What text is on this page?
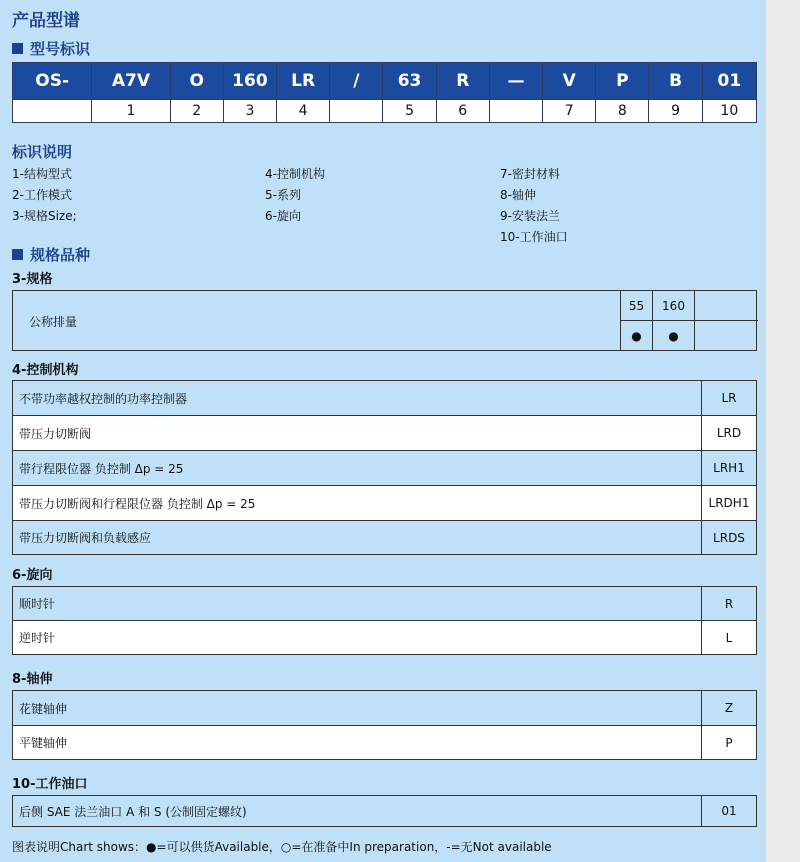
产品型谱
型号标识
OS-	A7V	O	160	LR	/	63	R	—	V	P	B	01
	1	2	3	4		5	6		7	8	9	10
标识说明
1-结构型式
2-工作模式
3-规格Size;
4-控制机构
5-系列
6-旋向
7-密封材料
8-轴伸
9-安装法兰
10-工作油口
规格品种
3-规格
公称排量
55	160
●	●
4-控制机构
不带功率越权控制的功率控制器	LR
带压力切断阀	LRD
带行程限位器 负控制 Δp = 25	LRH1
带压力切断阀和行程限位器 负控制 Δp = 25	LRDH1
带压力切断阀和负载感应	LRDS
6-旋向
顺时针	R
逆时针	L
8-轴伸
花键轴伸	Z
平键轴伸	P
10-工作油口
后侧 SAE 法兰油口 A 和 S (公制固定螺纹)	01
图表说明Chart shows：●=可以供货Available，○=在准备中In preparation，-=无Not available
